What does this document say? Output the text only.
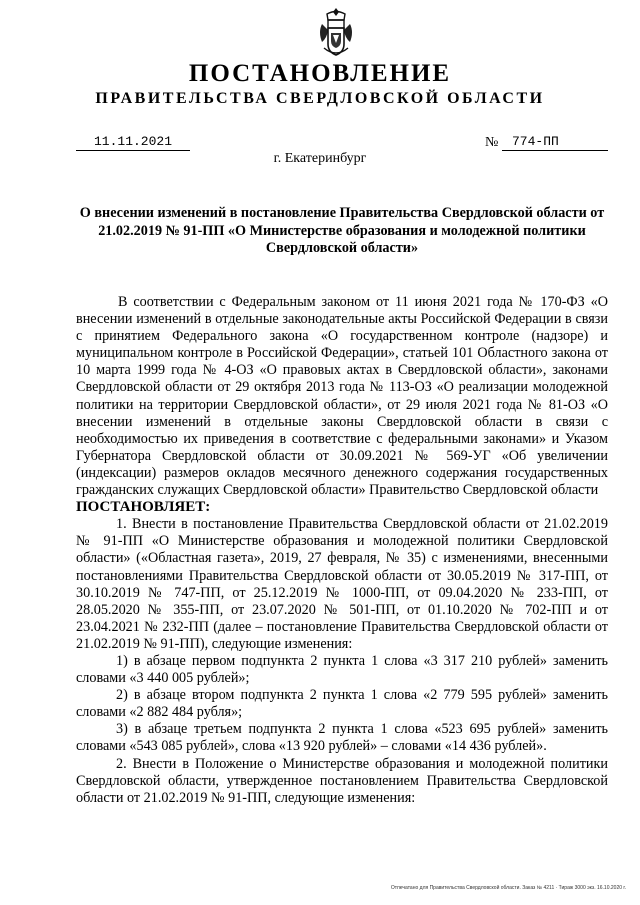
ПОСТАНОВЛЕНИЕ
ПРАВИТЕЛЬСТВА СВЕРДЛОВСКОЙ ОБЛАСТИ
11.11.2021	№	774-ПП
г. Екатеринбург

О внесении изменений в постановление Правительства Свердловской области от 21.02.2019 № 91-ПП «О Министерстве образования и молодежной политики Свердловской области»

В соответствии с Федеральным законом от 11 июня 2021 года № 170-ФЗ «О внесении изменений в отдельные законодательные акты Российской Федерации в связи с принятием Федерального закона «О государственном контроле (надзоре) и муниципальном контроле в Российской Федерации», статьей 101 Областного закона от 10 марта 1999 года № 4-ОЗ «О правовых актах в Свердловской области», законами Свердловской области от 29 октября 2013 года № 113-ОЗ «О реализации молодежной политики на территории Свердловской области», от 29 июля 2021 года № 81-ОЗ «О внесении изменений в отдельные законы Свердловской области в связи с необходимостью их приведения в соответствие с федеральными законами» и Указом Губернатора Свердловской области от 30.09.2021 № 569-УГ «Об увеличении (индексации) размеров окладов месячного денежного содержания государственных гражданских служащих Свердловской области» Правительство Свердловской области

ПОСТАНОВЛЯЕТ:

1. Внести в постановление Правительства Свердловской области от 21.02.2019 № 91-ПП «О Министерстве образования и молодежной политики Свердловской области» («Областная газета», 2019, 27 февраля, № 35) с изменениями, внесенными постановлениями Правительства Свердловской области от 30.05.2019 № 317-ПП, от 30.10.2019 № 747-ПП, от 25.12.2019 № 1000-ПП, от 09.04.2020 № 233-ПП, от 28.05.2020 № 355-ПП, от 23.07.2020 № 501-ПП, от 01.10.2020 № 702-ПП и от 23.04.2021 № 232-ПП (далее – постановление Правительства Свердловской области от 21.02.2019 № 91-ПП), следующие изменения:

1) в абзаце первом подпункта 2 пункта 1 слова «3 317 210 рублей» заменить словами «3 440 005 рублей»;

2) в абзаце втором подпункта 2 пункта 1 слова «2 779 595 рублей» заменить словами «2 882 484 рубля»;

3) в абзаце третьем подпункта 2 пункта 1 слова «523 695 рублей» заменить словами «543 085 рублей», слова «13 920 рублей» – словами «14 436 рублей».

2. Внести в Положение о Министерстве образования и молодежной политики Свердловской области, утвержденное постановлением Правительства Свердловской области от 21.02.2019 № 91-ПП, следующие изменения:

Отпечатано для Правительства Свердловской области. Заказ № 4211 · Тираж 3000 экз. 16.10.2020 г.
